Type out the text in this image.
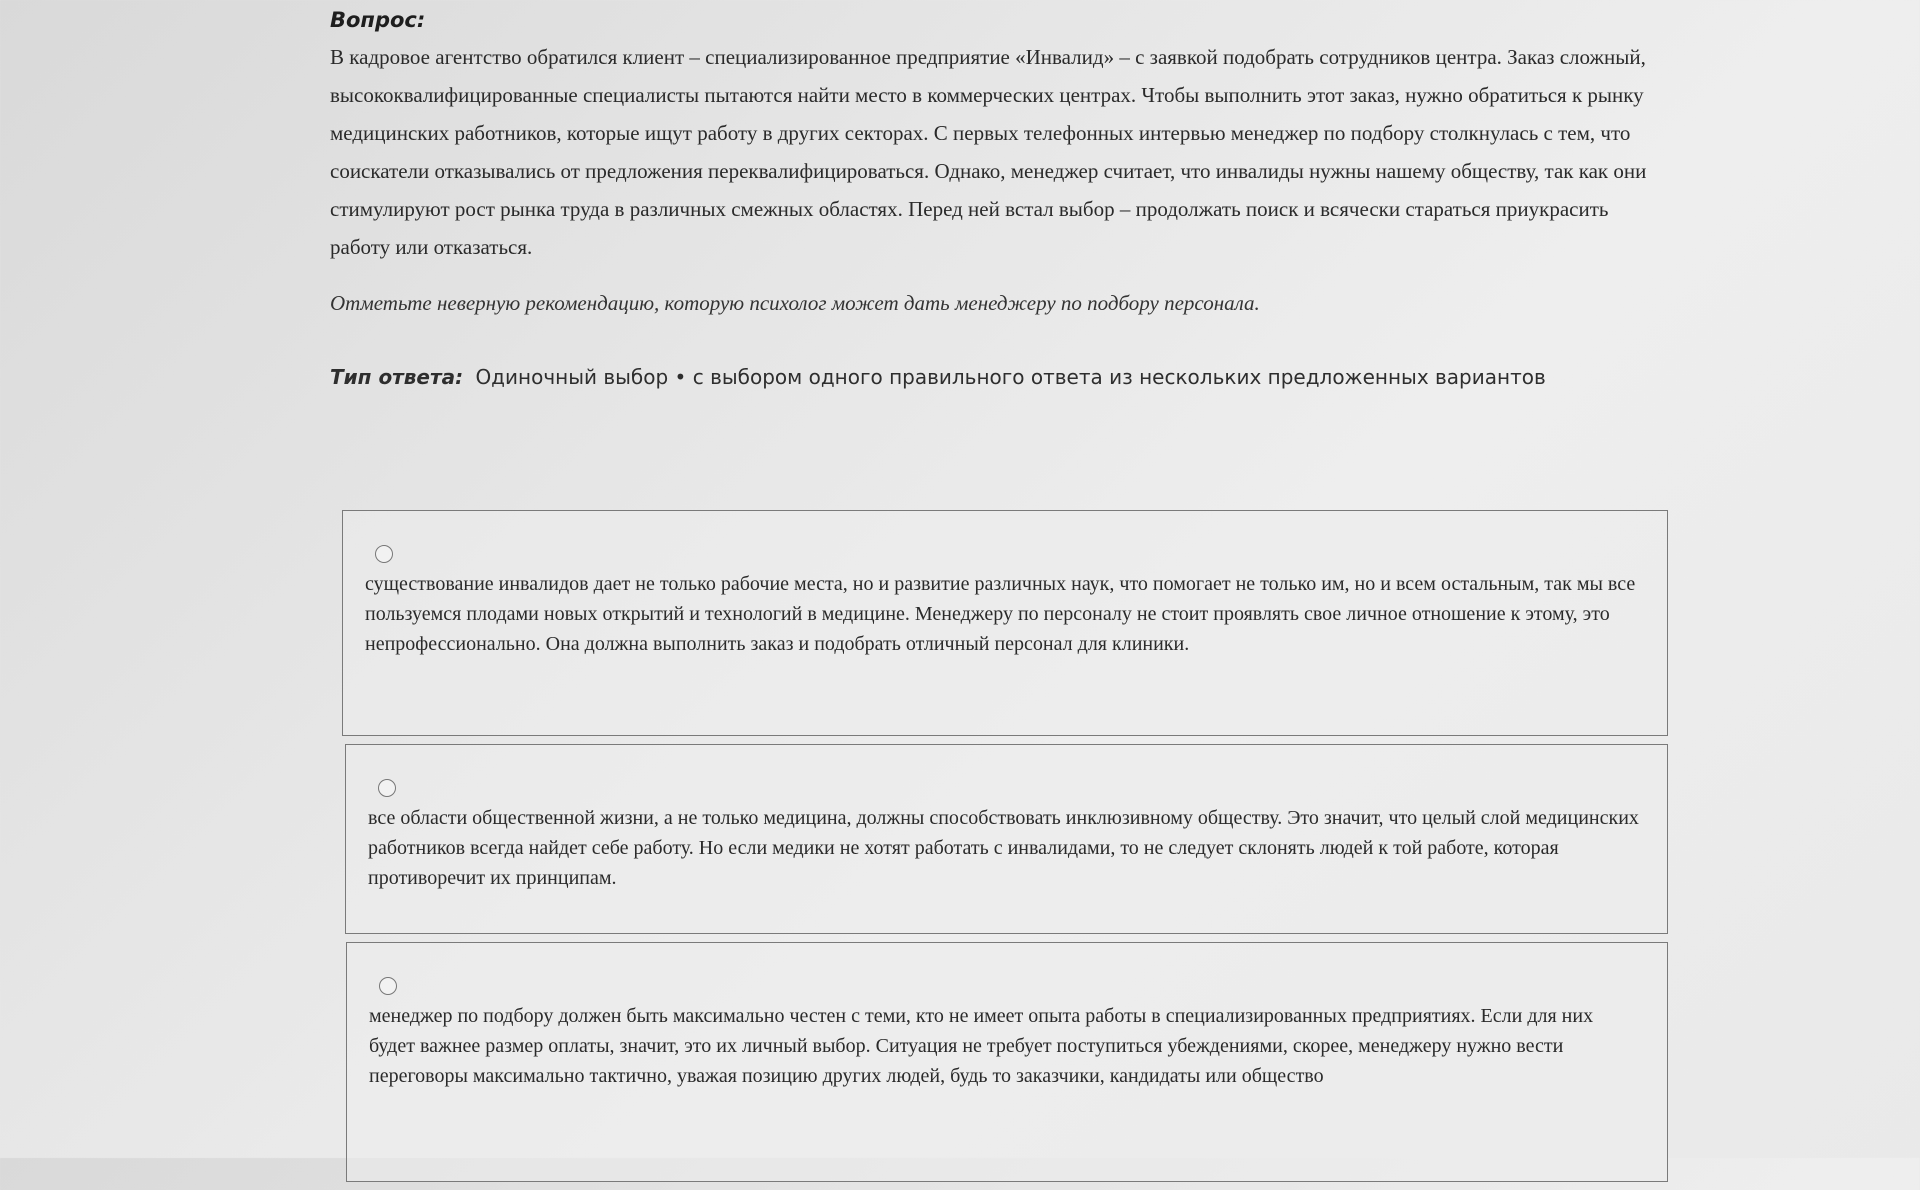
Вопрос:

В кадровое агентство обратился клиент – специализированное предприятие «Инвалид» – с заявкой подобрать сотрудников центра. Заказ сложный, высококвалифицированные специалисты пытаются найти место в коммерческих центрах. Чтобы выполнить этот заказ, нужно обратиться к рынку медицинских работников, которые ищут работу в других секторах. С первых телефонных интервью менеджер по подбору столкнулась с тем, что соискатели отказывались от предложения переквалифицироваться. Однако, менеджер считает, что инвалиды нужны нашему обществу, так как они стимулируют рост рынка труда в различных смежных областях. Перед ней встал выбор – продолжать поиск и всячески стараться приукрасить работу или отказаться.

Отметьте неверную рекомендацию, которую психолог может дать менеджеру по подбору персонала.

Тип ответа: Одиночный выбор • с выбором одного правильного ответа из нескольких предложенных вариантов

существование инвалидов дает не только рабочие места, но и развитие различных наук, что помогает не только им, но и всем остальным, так мы все пользуемся плодами новых открытий и технологий в медицине. Менеджеру по персоналу не стоит проявлять свое личное отношение к этому, это непрофессионально. Она должна выполнить заказ и подобрать отличный персонал для клиники.

все области общественной жизни, а не только медицина, должны способствовать инклюзивному обществу. Это значит, что целый слой медицинских работников всегда найдет себе работу. Но если медики не хотят работать с инвалидами, то не следует склонять людей к той работе, которая противоречит их принципам.

менеджер по подбору должен быть максимально честен с теми, кто не имеет опыта работы в специализированных предприятиях. Если для них будет важнее размер оплаты, значит, это их личный выбор. Ситуация не требует поступиться убеждениями, скорее, менеджеру нужно вести переговоры максимально тактично, уважая позицию других людей, будь то заказчики, кандидаты или общество
